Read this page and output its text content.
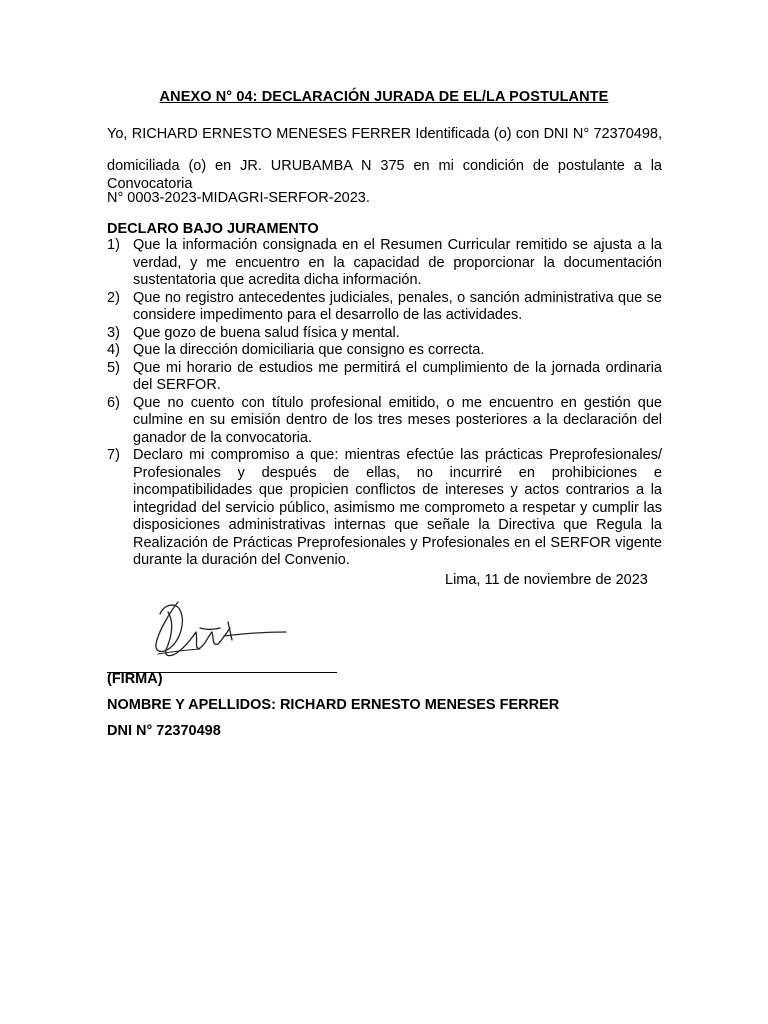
ANEXO N° 04: DECLARACIÓN JURADA DE EL/LA POSTULANTE
Yo, RICHARD ERNESTO MENESES FERRER Identificada (o) con DNI N° 72370498,
domiciliada (o) en JR. URUBAMBA N 375 en mi condición de postulante a la Convocatoria
N° 0003-2023-MIDAGRI-SERFOR-2023.
DECLARO BAJO JURAMENTO
1) Que la información consignada en el Resumen Curricular remitido se ajusta a la verdad, y me encuentro en la capacidad de proporcionar la documentación sustentatoria que acredita dicha información.
2) Que no registro antecedentes judiciales, penales, o sanción administrativa que se considere impedimento para el desarrollo de las actividades.
3) Que gozo de buena salud física y mental.
4) Que la dirección domiciliaria que consigno es correcta.
5) Que mi horario de estudios me permitirá el cumplimiento de la jornada ordinaria del SERFOR.
6) Que no cuento con título profesional emitido, o me encuentro en gestión que culmine en su emisión dentro de los tres meses posteriores a la declaración del ganador de la convocatoria.
7) Declaro mi compromiso a que: mientras efectúe las prácticas Preprofesionales/ Profesionales y después de ellas, no incurriré en prohibiciones e incompatibilidades que propicien conflictos de intereses y actos contrarios a la integridad del servicio público, asimismo me comprometo a respetar y cumplir las disposiciones administrativas internas que señale la Directiva que Regula la Realización de Prácticas Preprofesionales y Profesionales en el SERFOR vigente durante la duración del Convenio.
Lima, 11 de noviembre de 2023
(FIRMA)
NOMBRE Y APELLIDOS: RICHARD ERNESTO MENESES FERRER
DNI N° 72370498
